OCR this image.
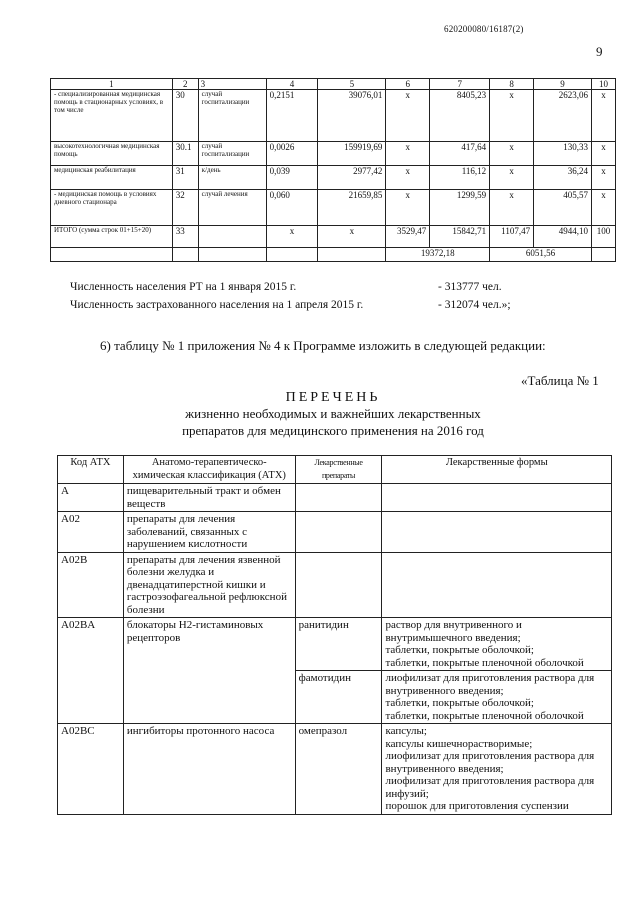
620200080/16187(2)
9
1	2	3	4	5	6	7	8	9	10
- специализированная медицинская помощь в стационарных условиях, в том числе	30	случай госпитализации	0,2151	39076,01	x	8405,23	x	2623,06	x
высокотехнологичная медицинская помощь	30.1	случай госпитализации	0,0026	159919,69	x	417,64	x	130,33	x
медицинская реабилитация	31	к/день	0,039	2977,42	x	116,12	x	36,24	x
- медицинская помощь в условиях дневного стационара	32	случай лечения	0,060	21659,85	x	1299,59	x	405,57	x
ИТОГО (сумма строк 01+15+20)	33		x	x	3529,47	15842,71	1107,47	4944,10	100
					19372,18		6051,56		
Численность населения РТ на 1 января 2015 г.	- 313777 чел.
Численность застрахованного населения на 1 апреля 2015 г.	- 312074 чел.»;
6) таблицу № 1 приложения № 4 к Программе изложить в следующей редакции:
«Таблица № 1
ПЕРЕЧЕНЬ
жизненно необходимых и важнейших лекарственных
препаратов для медицинского применения на 2016 год
Код АТХ	Анатомо-терапевтическо-химическая классификация (АТХ)	Лекарственные препараты	Лекарственные формы
A	пищеварительный тракт и обмен веществ		
A02	препараты для лечения заболеваний, связанных с нарушением кислотности		
A02B	препараты для лечения язвенной болезни желудка и двенадцатиперстной кишки и гастроэзофагеальной рефлюксной болезни		
A02BA	блокаторы Н2-гистаминовых рецепторов	ранитидин	раствор для внутривенного и внутримышечного введения;
таблетки, покрытые оболочкой;
таблетки, покрытые пленочной оболочкой

		фамотидин	лиофилизат для приготовления раствора для внутривенного введения;
таблетки, покрытые оболочкой;
таблетки, покрытые пленочной оболочкой

A02BC	ингибиторы протонного насоса	омепразол	капсулы;
капсулы кишечнорастворимые;
лиофилизат для приготовления раствора для внутривенного введения;
лиофилизат для приготовления раствора для инфузий;
порошок для приготовления суспензии
